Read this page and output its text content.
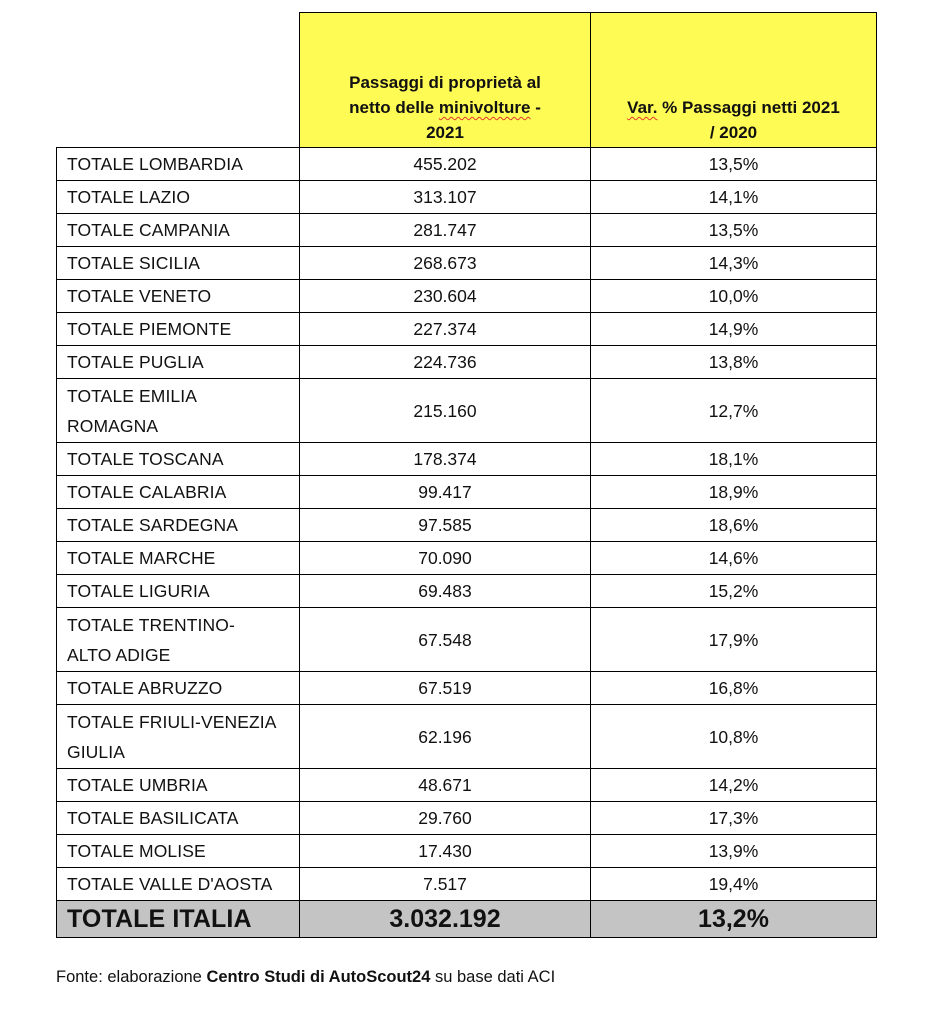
	Passaggi di proprietà al
netto delle minivolture -
2021	Var. % Passaggi netti 2021
/ 2020
TOTALE LOMBARDIA	455.202	13,5%
TOTALE LAZIO	313.107	14,1%
TOTALE CAMPANIA	281.747	13,5%
TOTALE SICILIA	268.673	14,3%
TOTALE VENETO	230.604	10,0%
TOTALE PIEMONTE	227.374	14,9%
TOTALE PUGLIA	224.736	13,8%
TOTALE EMILIA
ROMAGNA	215.160	12,7%
TOTALE TOSCANA	178.374	18,1%
TOTALE CALABRIA	99.417	18,9%
TOTALE SARDEGNA	97.585	18,6%
TOTALE MARCHE	70.090	14,6%
TOTALE LIGURIA	69.483	15,2%
TOTALE TRENTINO-
ALTO ADIGE	67.548	17,9%
TOTALE ABRUZZO	67.519	16,8%
TOTALE FRIULI-VENEZIA
GIULIA	62.196	10,8%
TOTALE UMBRIA	48.671	14,2%
TOTALE BASILICATA	29.760	17,3%
TOTALE MOLISE	17.430	13,9%
TOTALE VALLE D'AOSTA	7.517	19,4%
TOTALE ITALIA	3.032.192	13,2%
Fonte: elaborazione Centro Studi di AutoScout24 su base dati ACI
